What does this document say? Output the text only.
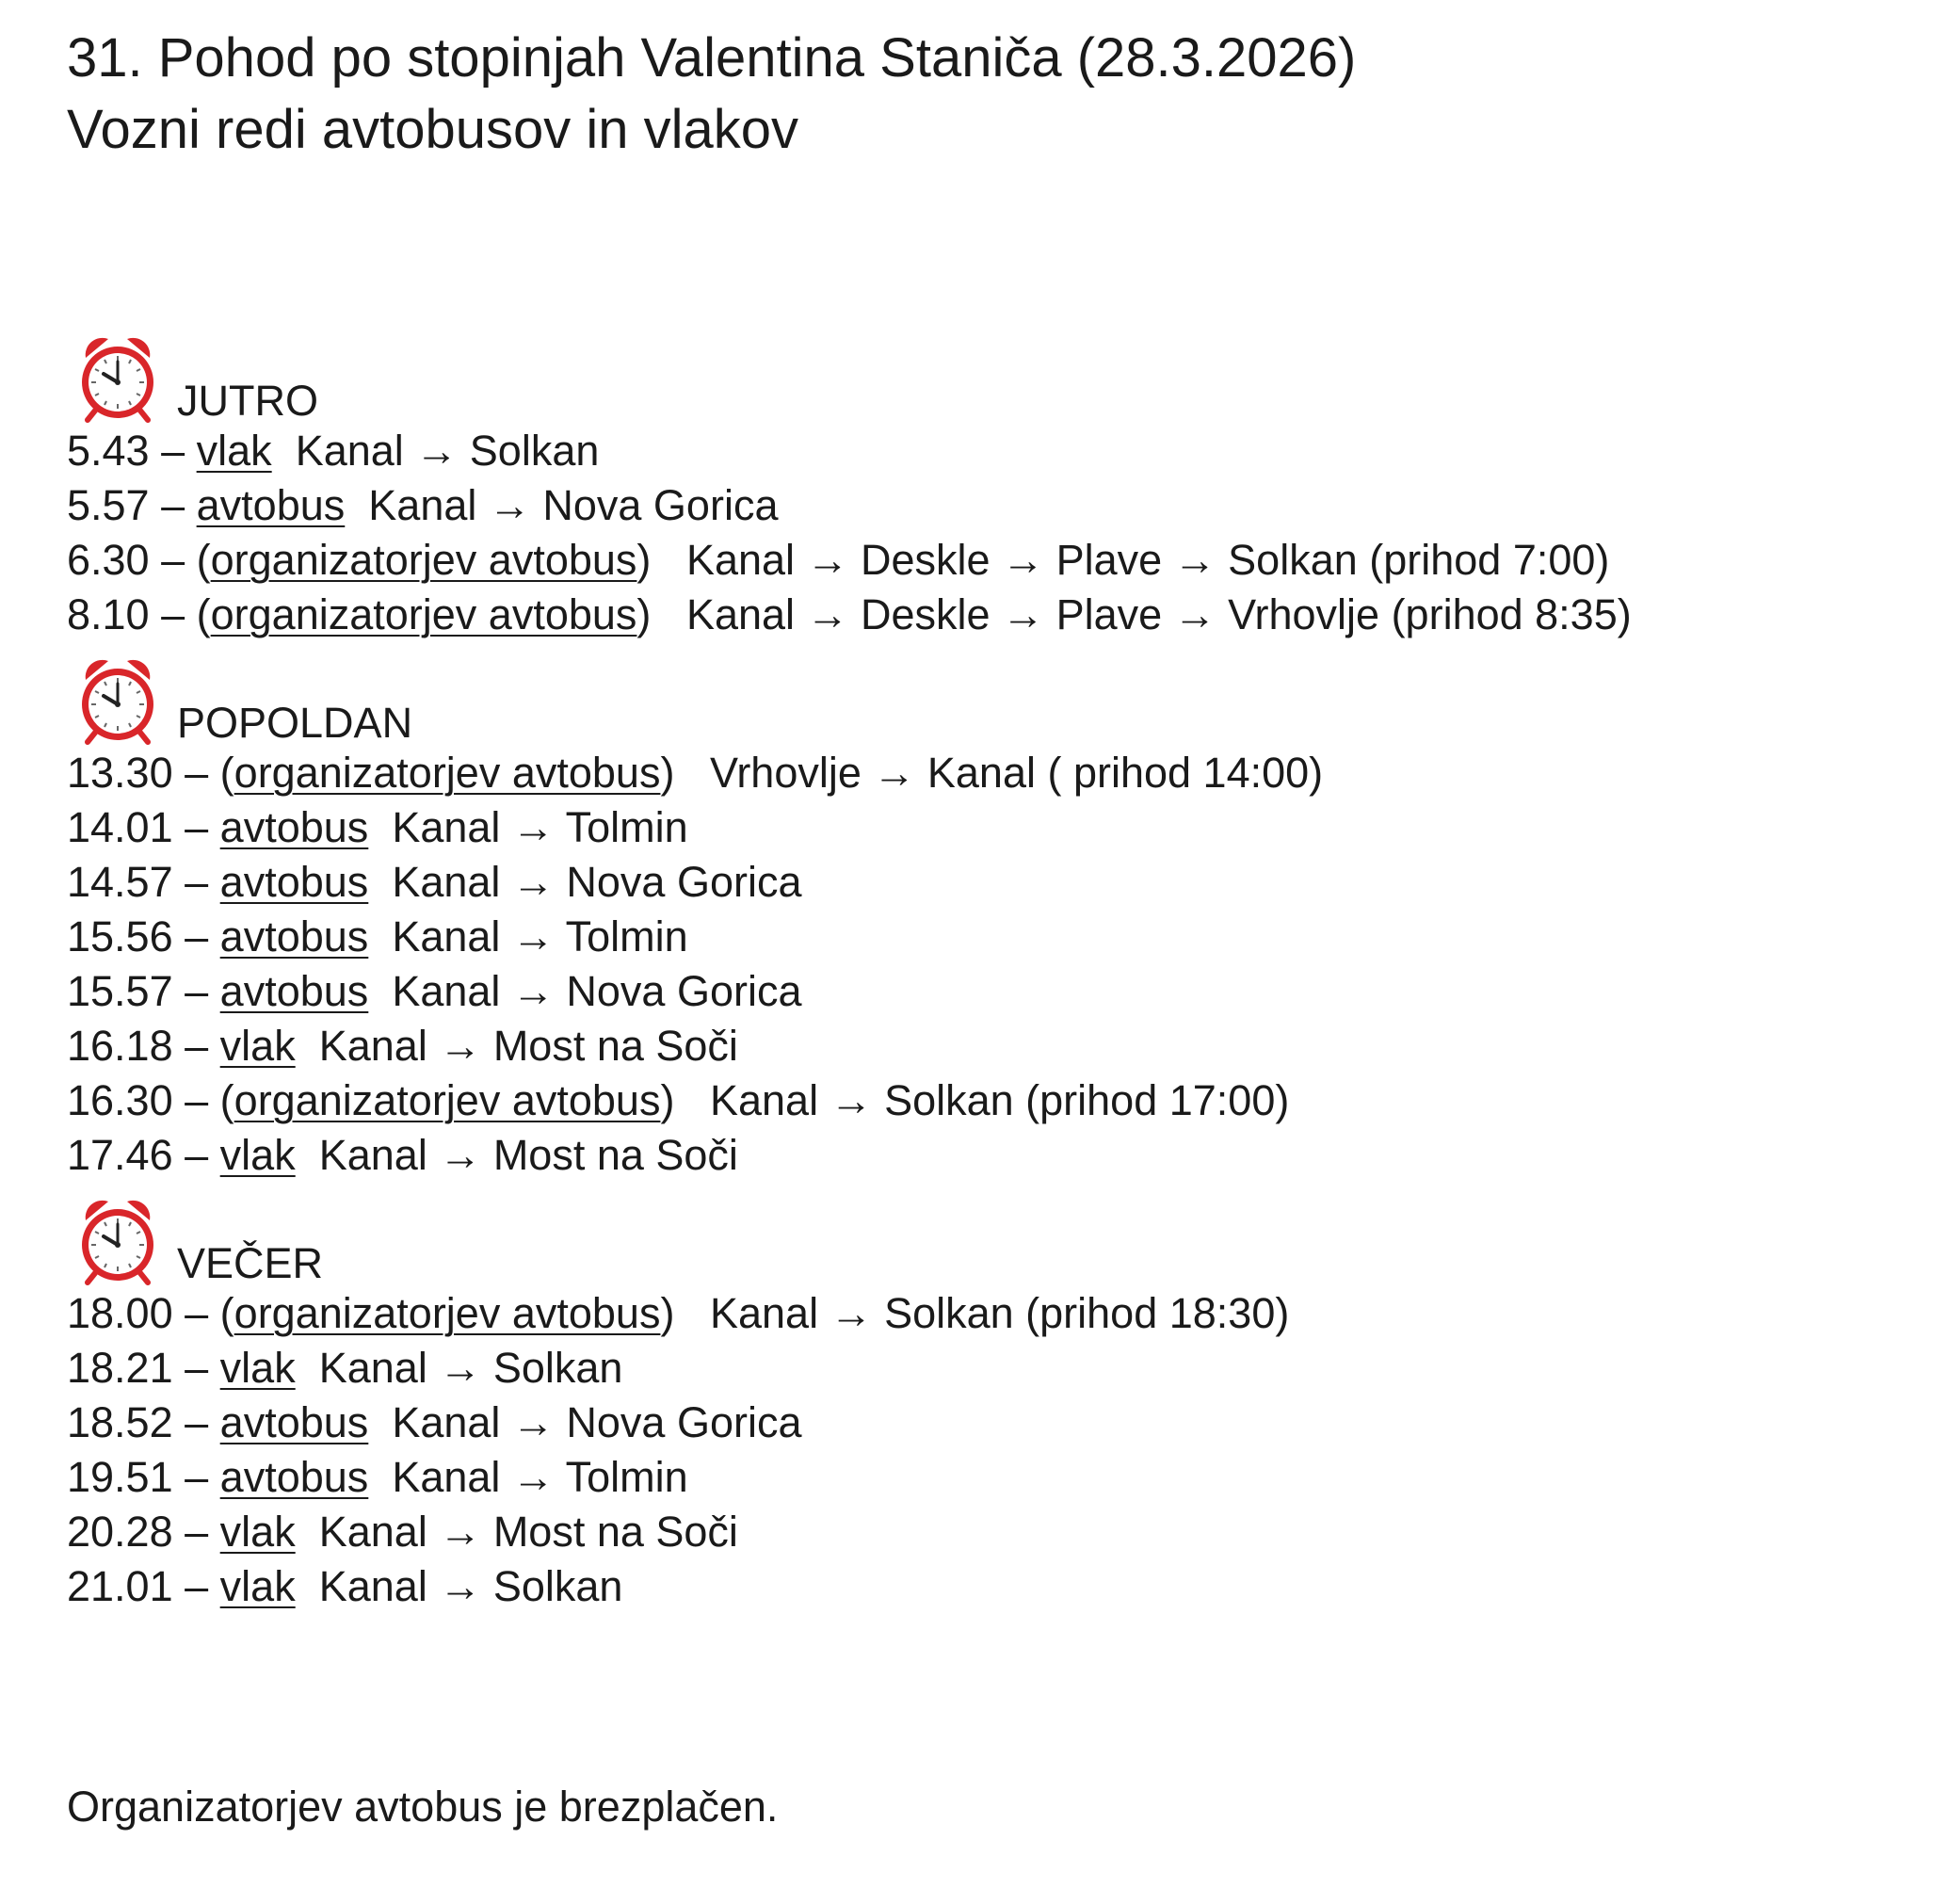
31. Pohod po stopinjah Valentina Staniča (28.3.2026)
Vozni redi avtobusov in vlakov
JUTRO
5.43 – vlak Kanal → Solkan
5.57 – avtobus Kanal → Nova Gorica
6.30 – (organizatorjev avtobus) Kanal → Deskle → Plave → Solkan (prihod 7:00)
8.10 – (organizatorjev avtobus) Kanal → Deskle → Plave → Vrhovlje (prihod 8:35)
POPOLDAN
13.30 – (organizatorjev avtobus) Vrhovlje → Kanal ( prihod 14:00)
14.01 – avtobus Kanal → Tolmin
14.57 – avtobus Kanal → Nova Gorica
15.56 – avtobus Kanal → Tolmin
15.57 – avtobus Kanal → Nova Gorica
16.18 – vlak Kanal → Most na Soči
16.30 – (organizatorjev avtobus) Kanal → Solkan (prihod 17:00)
17.46 – vlak Kanal → Most na Soči
VEČER
18.00 – (organizatorjev avtobus) Kanal → Solkan (prihod 18:30)
18.21 – vlak Kanal → Solkan
18.52 – avtobus Kanal → Nova Gorica
19.51 – avtobus Kanal → Tolmin
20.28 – vlak Kanal → Most na Soči
21.01 – vlak Kanal → Solkan
Organizatorjev avtobus je brezplačen.
